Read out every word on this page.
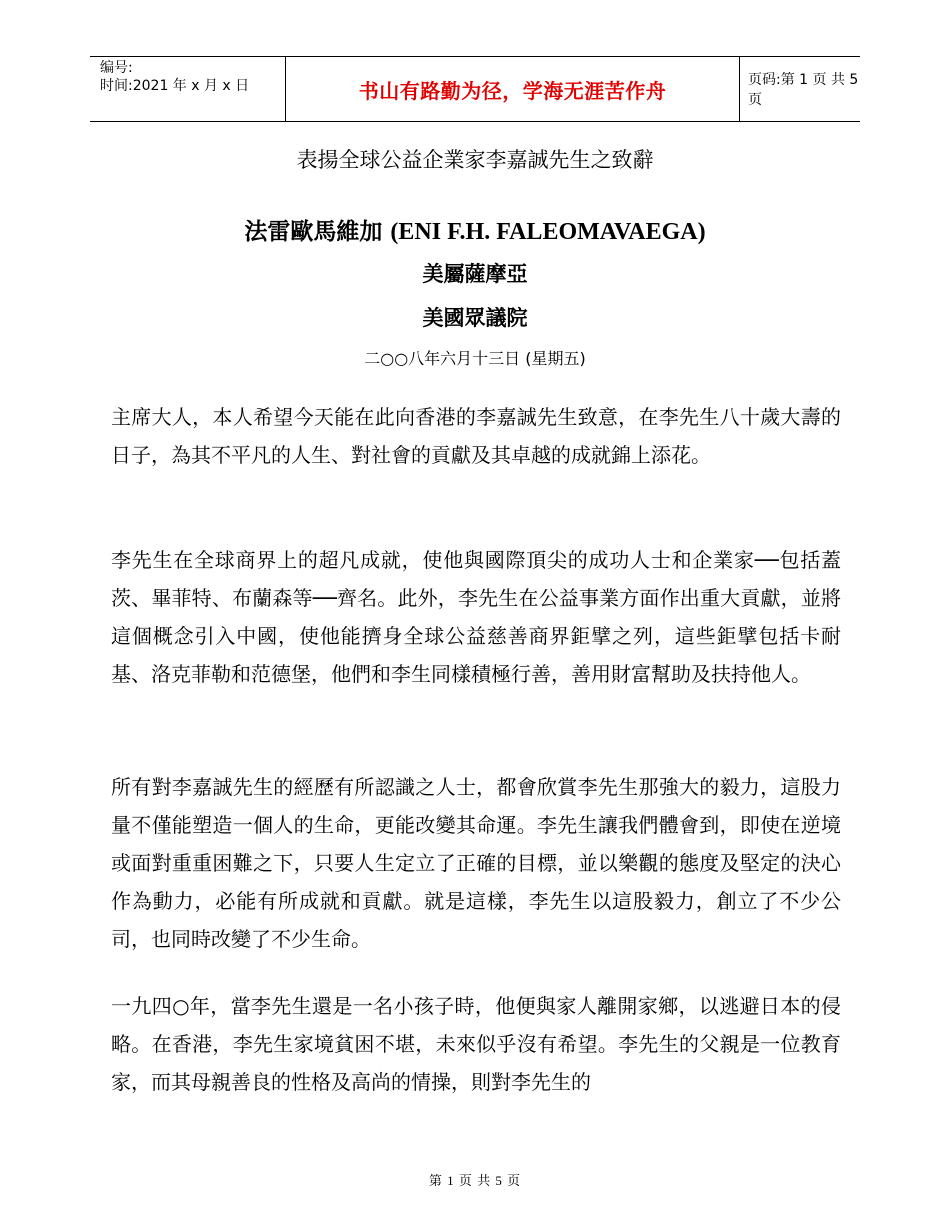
编号:
时间:2021 年 x 月 x 日	书山有路勤为径，学海无涯苦作舟	页码:第 1 页 共 5 页
表揚全球公益企業家李嘉誠先生之致辭
法雷歐馬維加 (ENI F.H. FALEOMAVAEGA)
美屬薩摩亞
美國眾議院
二○○八年六月十三日 (星期五)

主席大人，本人希望今天能在此向香港的李嘉誠先生致意，在李先生八十歲大壽的日子，為其不平凡的人生、對社會的貢獻及其卓越的成就錦上添花。

李先生在全球商界上的超凡成就，使他與國際頂尖的成功人士和企業家──包括蓋茨、畢菲特、布蘭森等──齊名。此外，李先生在公益事業方面作出重大貢獻，並將這個概念引入中國，使他能擠身全球公益慈善商界鉅擘之列，這些鉅擘包括卡耐基、洛克菲勒和范德堡，他們和李生同樣積極行善，善用財富幫助及扶持他人。

所有對李嘉誠先生的經歷有所認識之人士，都會欣賞李先生那強大的毅力，這股力量不僅能塑造一個人的生命，更能改變其命運。李先生讓我們體會到，即使在逆境或面對重重困難之下，只要人生定立了正確的目標，並以樂觀的態度及堅定的決心作為動力，必能有所成就和貢獻。就是這樣，李先生以這股毅力，創立了不少公司，也同時改變了不少生命。

一九四○年，當李先生還是一名小孩子時，他便與家人離開家鄉，以逃避日本的侵略。在香港，李先生家境貧困不堪，未來似乎沒有希望。李先生的父親是一位教育家，而其母親善良的性格及高尚的情操，則對李先生的

第 1 页 共 5 页
